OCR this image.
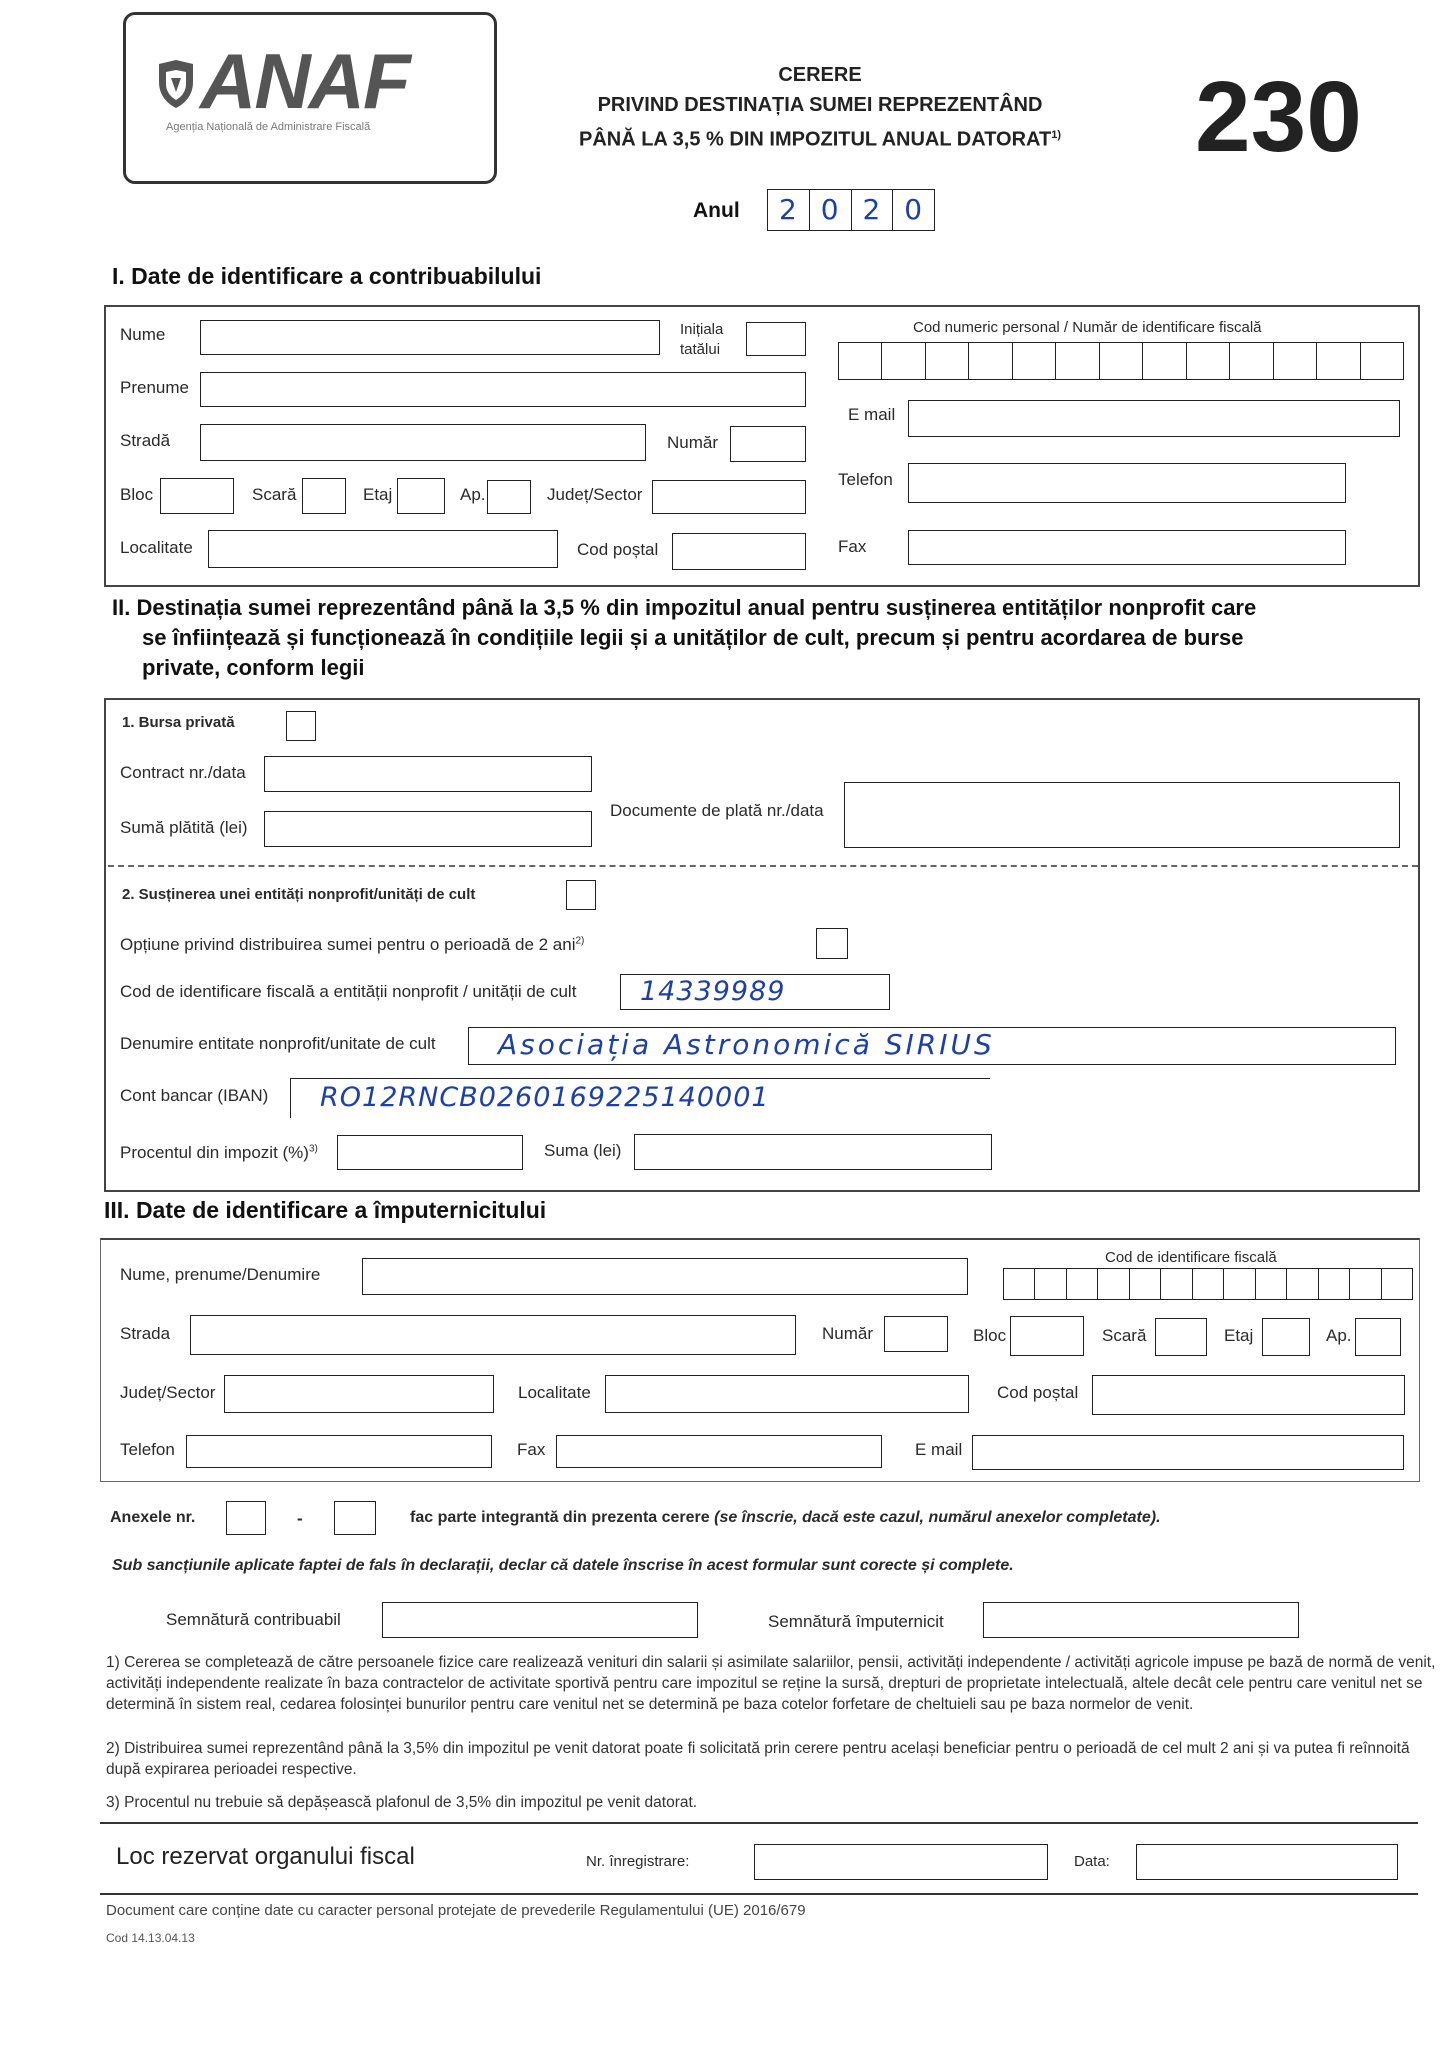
ANAF
Agenția Națională de Administrare Fiscală
CERERE
PRIVIND DESTINAȚIA SUMEI REPREZENTÂND
PÂNĂ LA 3,5 % DIN IMPOZITUL ANUAL DATORAT$^{1)}$ 230
Anul 2 0 2 0
I. Date de identificare a contribuabilului
Nume	Inițiala
tatălui
Cod numeric personal / Număr de identificare fiscală
Prenume
E mail
Stradă	Număr
Telefon
Bloc	Scară	Etaj	Ap.	Județ/Sector
Localitate	Cod poștal	Fax
II. Destinația sumei reprezentând până la 3,5 % din impozitul anual pentru susținerea entităților nonprofit care
se înființează și funcționează în condițiile legii și a unităților de cult, precum și pentru acordarea de burse
private, conform legii
1. Bursa privată
Contract nr./data
Documente de plată nr./data
Sumă plătită (lei)
2. Susținerea unei entități nonprofit/unități de cult
Opțiune privind distribuirea sumei pentru o perioadă de 2 ani$^{2)}$
Cod de identificare fiscală a entității nonprofit / unității de cult 14339989
Denumire entitate nonprofit/unitate de cult Asociația Astronomică SIRIUS
Cont bancar (IBAN) RO12RNCB0260169225140001
Procentul din impozit (%)$^{3)}$	Suma (lei)
III. Date de identificare a împuternicitului
Nume, prenume/Denumire
Cod de identificare fiscală
Strada	Număr	Bloc	Scară	Etaj	Ap.
Județ/Sector	Localitate	Cod poștal
Telefon	Fax	E mail
Anexele nr.	-	fac parte integrantă din prezenta cerere (se înscrie, dacă este cazul, numărul anexelor completate).
Sub sancțiunile aplicate faptei de fals în declarații, declar că datele înscrise în acest formular sunt corecte și complete.
Semnătură contribuabil	Semnătură împuternicit
1) Cererea se completează de către persoanele fizice care realizează venituri din salarii și asimilate salariilor, pensii, activități independente / activități agricole impuse pe bază de normă de venit, activități independente realizate în baza contractelor de activitate sportivă pentru care impozitul se reține la sursă, drepturi de proprietate intelectuală, altele decât cele pentru care venitul net se determină în sistem real, cedarea folosinței bunurilor pentru care venitul net se determină pe baza cotelor forfetare de cheltuieli sau pe baza normelor de venit.
2) Distribuirea sumei reprezentând până la 3,5% din impozitul pe venit datorat poate fi solicitată prin cerere pentru același beneficiar pentru o perioadă de cel mult 2 ani și va putea fi reînnoită după expirarea perioadei respective.
3) Procentul nu trebuie să depășească plafonul de 3,5% din impozitul pe venit datorat.
Loc rezervat organului fiscal	Nr. înregistrare:	Data:
Document care conține date cu caracter personal protejate de prevederile Regulamentului (UE) 2016/679
Cod 14.13.04.13
